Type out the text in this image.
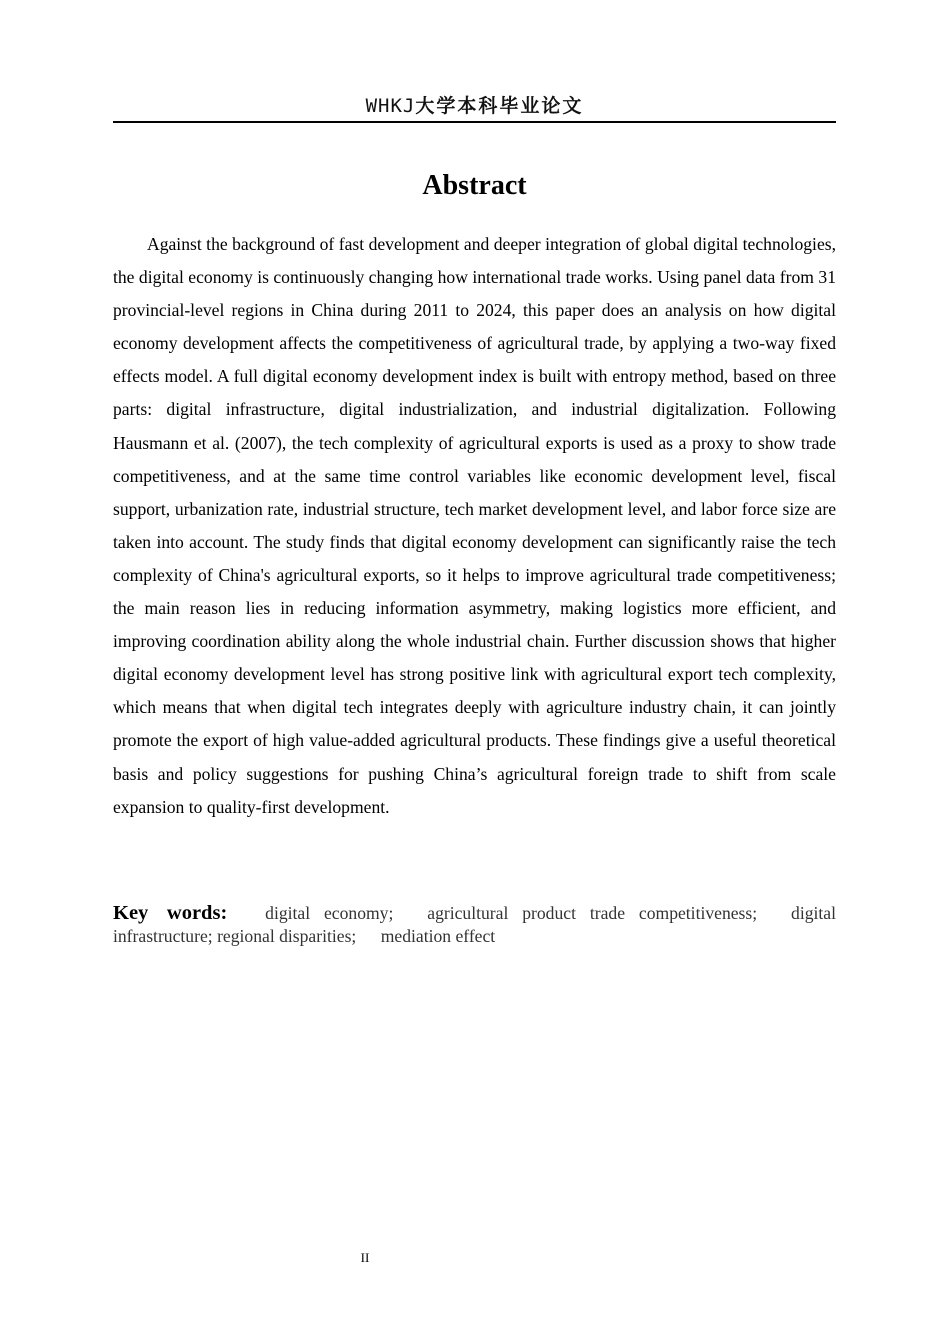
WHKJ大学本科毕业论文
Abstract

Against the background of fast development and deeper integration of global digital technologies, the digital economy is continuously changing how international trade works. Using panel data from 31 provincial-level regions in China during 2011 to 2024, this paper does an analysis on how digital economy development affects the competitiveness of agricultural trade, by applying a two-way fixed effects model. A full digital economy development index is built with entropy method, based on three parts: digital infrastructure, digital industrialization, and industrial digitalization. Following Hausmann et al. (2007), the tech complexity of agricultural exports is used as a proxy to show trade competitiveness, and at the same time control variables like economic development level, fiscal support, urbanization rate, industrial structure, tech market development level, and labor force size are taken into account. The study finds that digital economy development can significantly raise the tech complexity of China's agricultural exports, so it helps to improve agricultural trade competitiveness; the main reason lies in reducing information asymmetry, making logistics more efficient, and improving coordination ability along the whole industrial chain. Further discussion shows that higher digital economy development level has strong positive link with agricultural export tech complexity, which means that when digital tech integrates deeply with agriculture industry chain, it can jointly promote the export of high value-added agricultural products. These findings give a useful theoretical basis and policy suggestions for pushing China’s agricultural foreign trade to shift from scale expansion to quality-first development.

Key words: digital economy; agricultural product trade competitiveness; digital infrastructure; regional disparities; mediation effect

II
